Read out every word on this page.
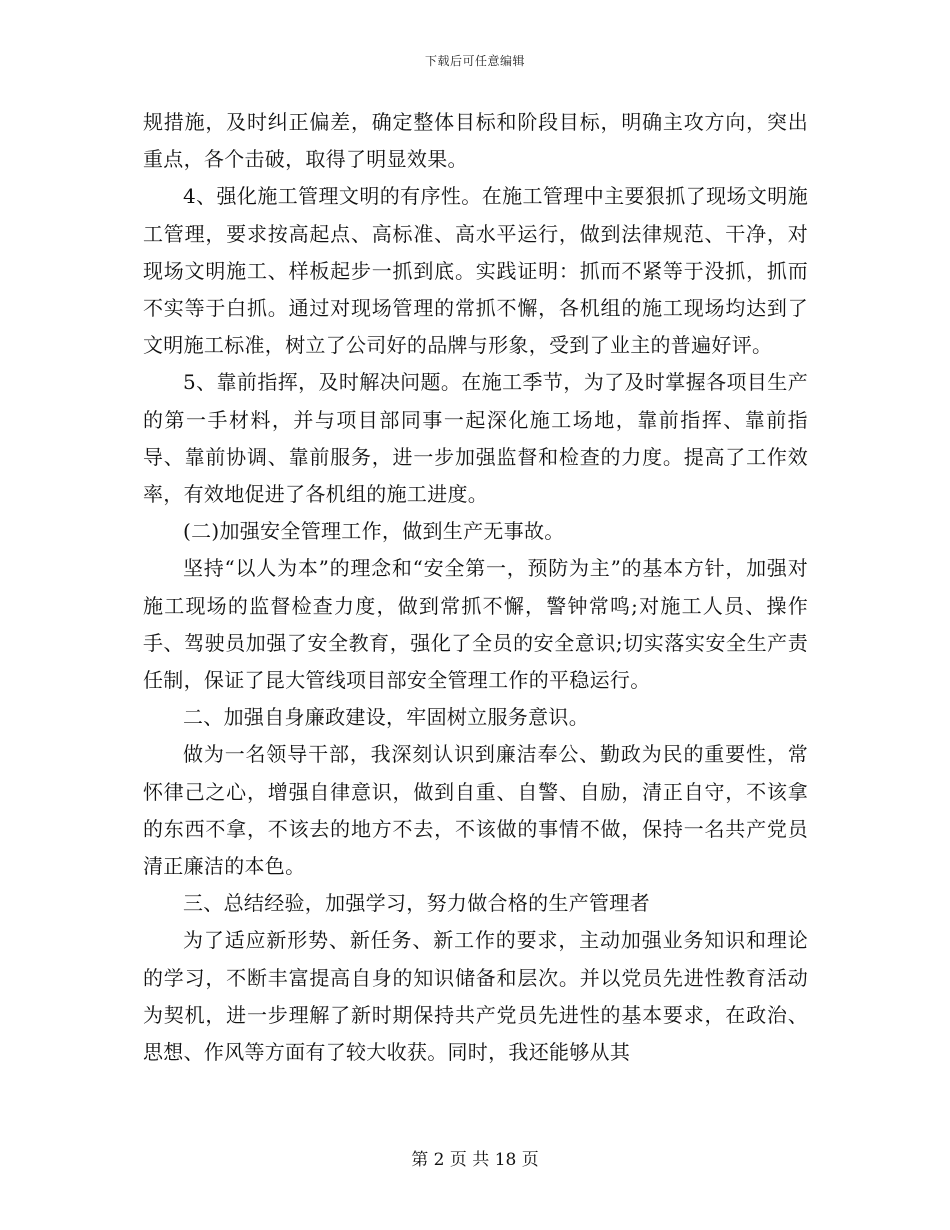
下载后可任意编辑

规措施，及时纠正偏差，确定整体目标和阶段目标，明确主攻方向，突出重点，各个击破，取得了明显效果。

4、强化施工管理文明的有序性。在施工管理中主要狠抓了现场文明施工管理，要求按高起点、高标准、高水平运行，做到法律规范、干净，对现场文明施工、样板起步一抓到底。实践证明：抓而不紧等于没抓，抓而不实等于白抓。通过对现场管理的常抓不懈，各机组的施工现场均达到了文明施工标准，树立了公司好的品牌与形象，受到了业主的普遍好评。

5、靠前指挥，及时解决问题。在施工季节，为了及时掌握各项目生产的第一手材料，并与项目部同事一起深化施工场地，靠前指挥、靠前指导、靠前协调、靠前服务，进一步加强监督和检查的力度。提高了工作效率，有效地促进了各机组的施工进度。

(二)加强安全管理工作，做到生产无事故。

坚持“以人为本”的理念和“安全第一，预防为主”的基本方针，加强对施工现场的监督检查力度，做到常抓不懈，警钟常鸣;对施工人员、操作手、驾驶员加强了安全教育，强化了全员的安全意识;切实落实安全生产责任制，保证了昆大管线项目部安全管理工作的平稳运行。

二、加强自身廉政建设，牢固树立服务意识。

做为一名领导干部，我深刻认识到廉洁奉公、勤政为民的重要性，常怀律己之心，增强自律意识，做到自重、自警、自励，清正自守，不该拿的东西不拿，不该去的地方不去，不该做的事情不做，保持一名共产党员清正廉洁的本色。

三、总结经验，加强学习，努力做合格的生产管理者

为了适应新形势、新任务、新工作的要求，主动加强业务知识和理论的学习，不断丰富提高自身的知识储备和层次。并以党员先进性教育活动为契机，进一步理解了新时期保持共产党员先进性的基本要求，在政治、思想、作风等方面有了较大收获。同时，我还能够从其

第 2 页 共 18 页
